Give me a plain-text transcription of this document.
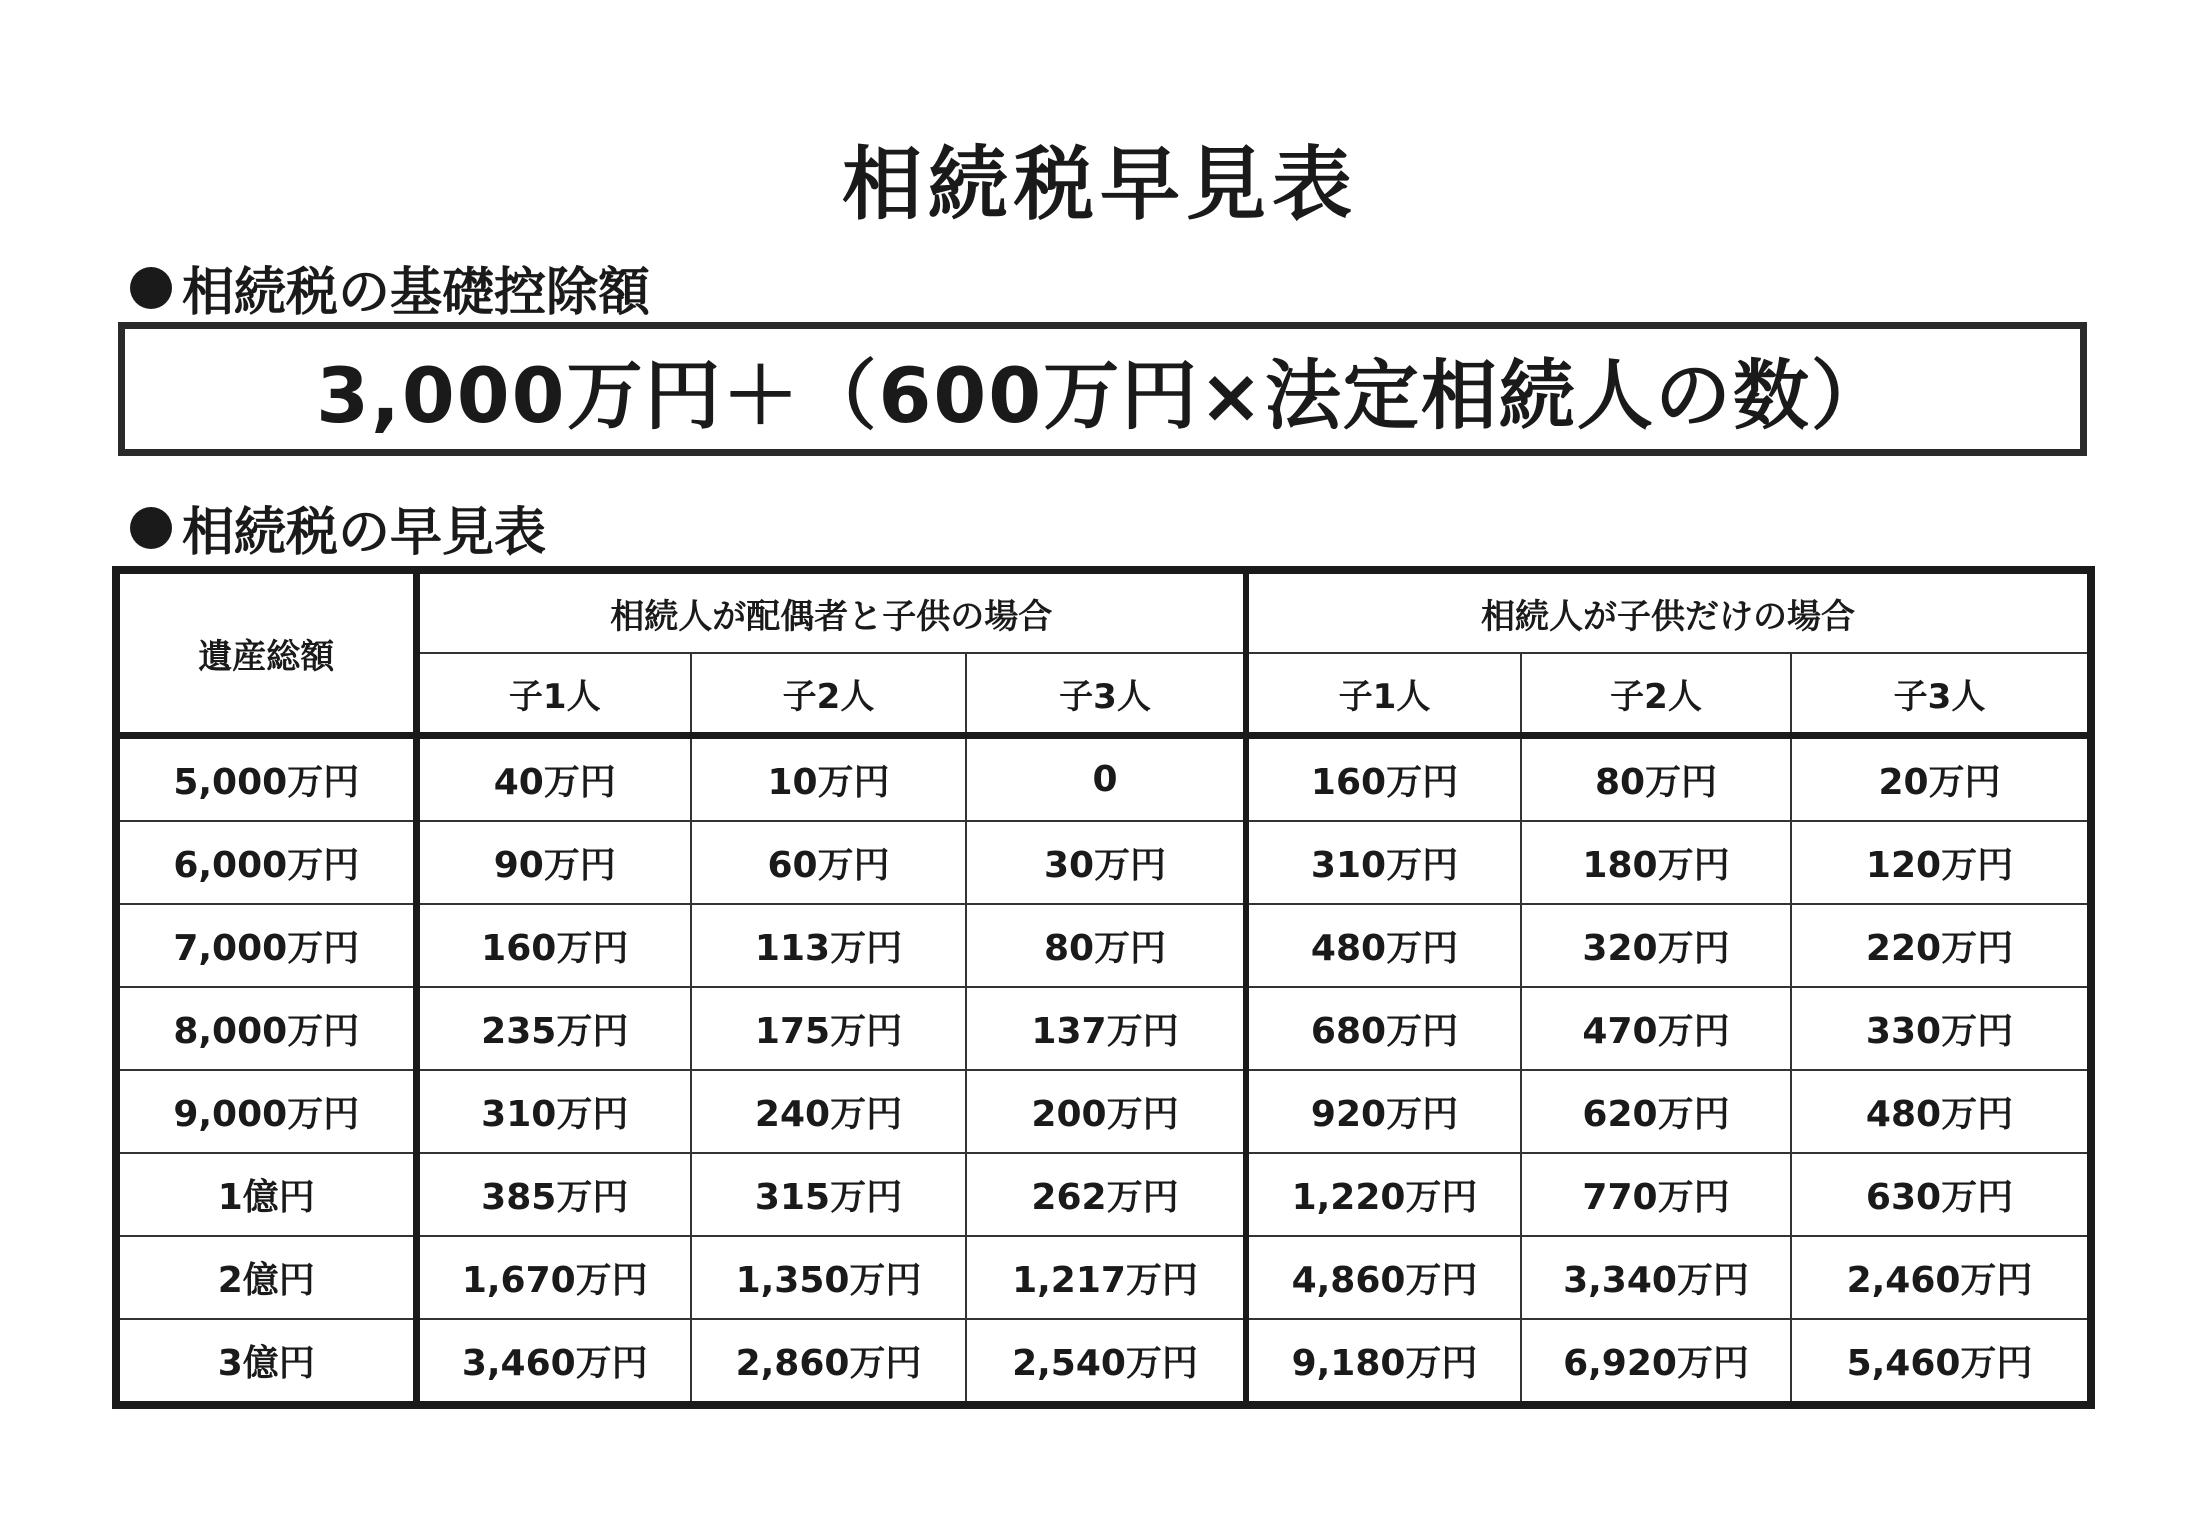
相続税早見表
相続税の基礎控除額
3,000万円＋（600万円×法定相続人の数）
相続税の早見表
遺産総額	相続人が配偶者と子供の場合			相続人が子供だけの場合		
	子1人	子2人	子3人	子1人	子2人	子3人
5,000万円	40万円	10万円	0	160万円	80万円	20万円
6,000万円	90万円	60万円	30万円	310万円	180万円	120万円
7,000万円	160万円	113万円	80万円	480万円	320万円	220万円
8,000万円	235万円	175万円	137万円	680万円	470万円	330万円
9,000万円	310万円	240万円	200万円	920万円	620万円	480万円
1億円	385万円	315万円	262万円	1,220万円	770万円	630万円
2億円	1,670万円	1,350万円	1,217万円	4,860万円	3,340万円	2,460万円
3億円	3,460万円	2,860万円	2,540万円	9,180万円	6,920万円	5,460万円
